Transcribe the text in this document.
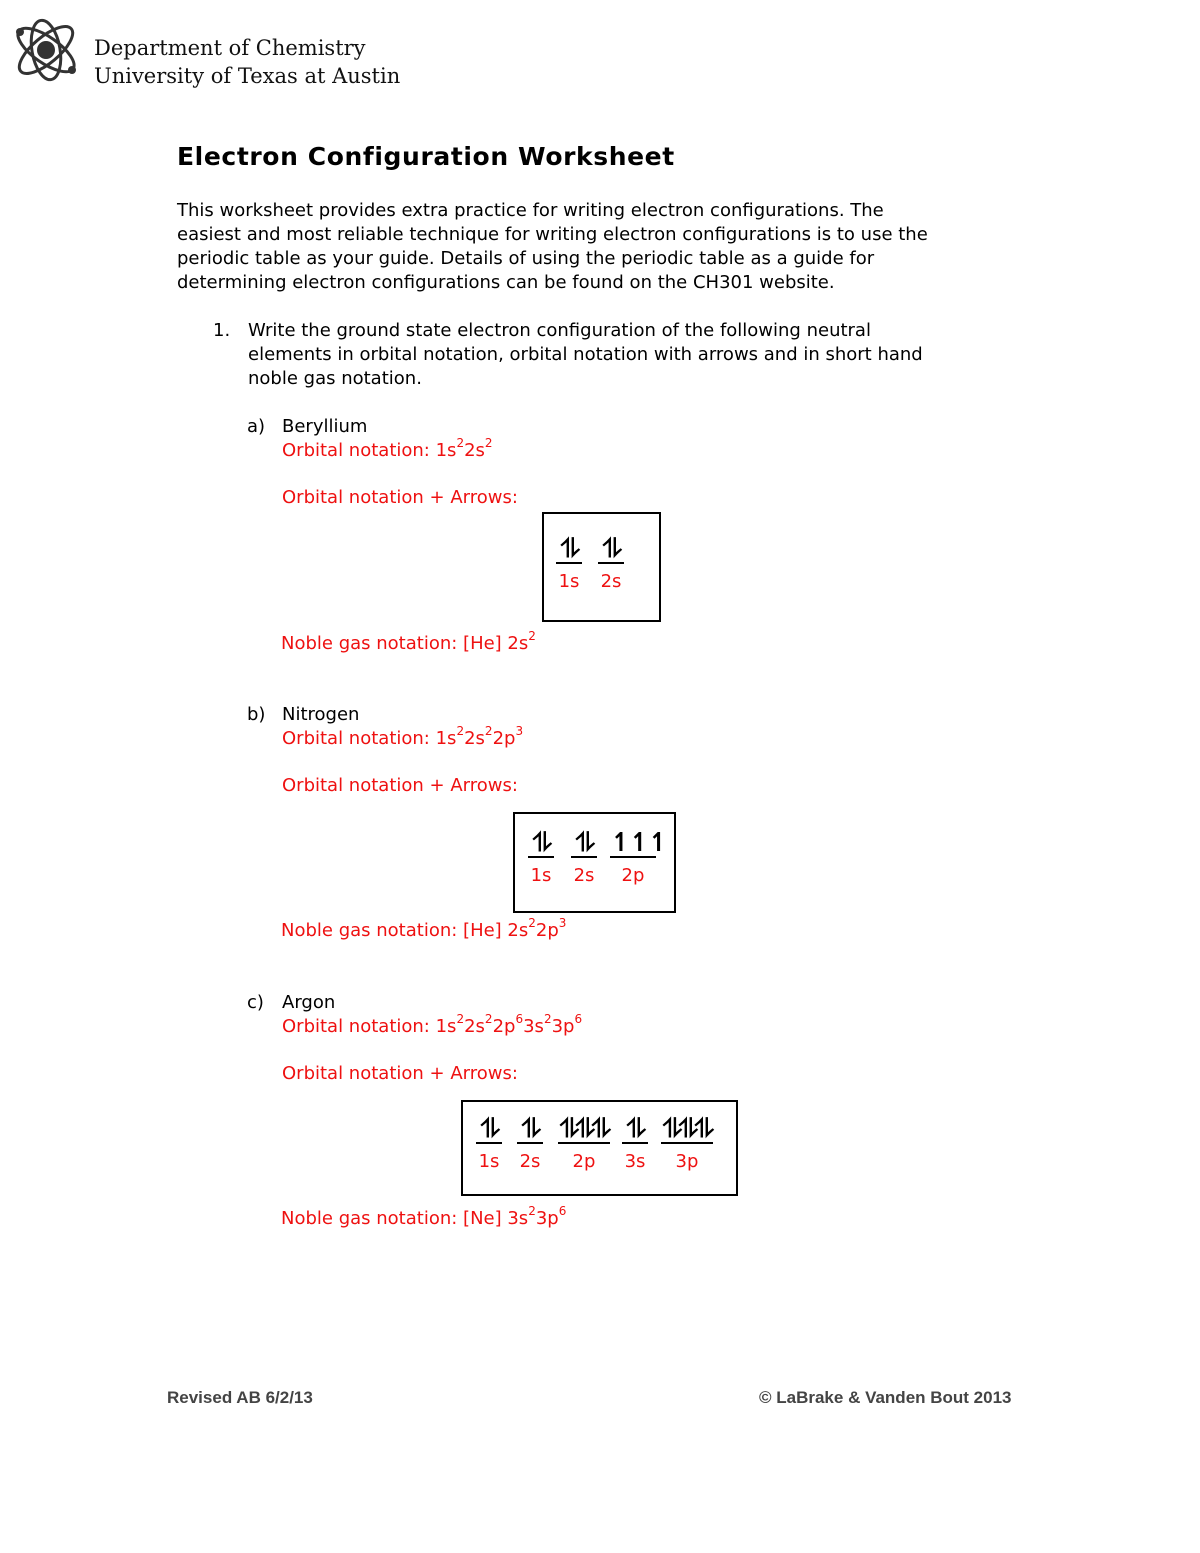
Department of Chemistry
University of Texas at Austin
Electron Configuration Worksheet
This worksheet provides extra practice for writing electron configurations. The
easiest and most reliable technique for writing electron configurations is to use the
periodic table as your guide. Details of using the periodic table as a guide for
determining electron configurations can be found on the CH301 website.
1. Write the ground state electron configuration of the following neutral
elements in orbital notation, orbital notation with arrows and in short hand
noble gas notation.
a) Beryllium
Orbital notation: $1s^22s^2$
Orbital notation + Arrows:
⥮
1s
⥮
2s
Noble gas notation: [He] $2s^2$
b) Nitrogen
Orbital notation: $1s^22s^22p^3$
Orbital notation + Arrows:
⥮
1s
⥮
2s
↿↿↿
2p
Noble gas notation: [He] $2s^22p^3$
c) Argon
Orbital notation: $1s^22s^22p^63s^23p^6$
Orbital notation + Arrows:
⥮
1s
⥮
2s
⥮⥮⥮
2p
⥮
3s
⥮⥮⥮
3p
Noble gas notation: [Ne] $3s^23p^6$
Revised AB 6/2/13	© LaBrake & Vanden Bout 2013
